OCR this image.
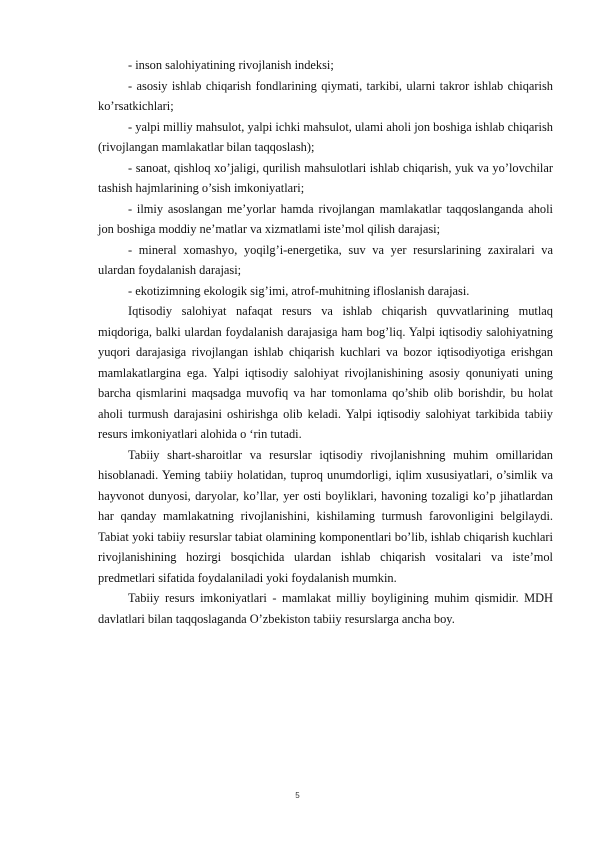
- inson salohiyatining rivojlanish indeksi;

- asosiy ishlab chiqarish fondlarining qiymati, tarkibi, ularni takror ishlab chiqarish ko’rsatkichlari;

- yalpi milliy mahsulot, yalpi ichki mahsulot, ulami aholi jon boshiga ishlab chiqarish (rivojlangan mamlakatlar bilan taqqoslash);

- sanoat, qishloq xo’jaligi, qurilish mahsulotlari ishlab chiqarish, yuk va yo’lovchilar tashish hajmlarining o’sish imkoniyatlari;

- ilmiy asoslangan me’yorlar hamda rivojlangan mamlakatlar taqqoslanganda aholi jon boshiga moddiy ne’matlar va xizmatlami iste’mol qilish darajasi;

- mineral xomashyo, yoqilg’i-energetika, suv va yer resurslarining zaxiralari va ulardan foydalanish darajasi;

- ekotizimning ekologik sig’imi, atrof-muhitning ifloslanish darajasi.

Iqtisodiy salohiyat nafaqat resurs va ishlab chiqarish quvvatlarining mutlaq miqdoriga, balki ulardan foydalanish darajasiga ham bog’liq. Yalpi iqtisodiy salohiyatning yuqori darajasiga rivojlangan ishlab chiqarish kuchlari va bozor iqtisodiyotiga erishgan mamlakatlargina ega. Yalpi iqtisodiy salohiyat rivojlanishining asosiy qonuniyati uning barcha qismlarini maqsadga muvofiq va har tomonlama qo’shib olib borishdir, bu holat aholi turmush darajasini oshirishga olib keladi. Yalpi iqtisodiy salohiyat tarkibida tabiiy resurs imkoniyatlari alohida o ‘rin tutadi.

Tabiiy shart-sharoitlar va resurslar iqtisodiy rivojlanishning muhim omillaridan hisoblanadi. Yeming tabiiy holatidan, tuproq unumdorligi, iqlim xususiyatlari, o’simlik va hayvonot dunyosi, daryolar, ko’llar, yer osti boyliklari, havoning tozaligi ko’p jihatlardan har qanday mamlakatning rivojlanishini, kishilaming turmush farovonligini belgilaydi. Tabiat yoki tabiiy resurslar tabiat olamining komponentlari bo’lib, ishlab chiqarish kuchlari rivojlanishining hozirgi bosqichida ulardan ishlab chiqarish vositalari va iste’mol predmetlari sifatida foydalaniladi yoki foydalanish mumkin.

Tabiiy resurs imkoniyatlari - mamlakat milliy boyligining muhim qismidir. MDH davlatlari bilan taqqoslaganda O’zbekiston tabiiy resurslarga ancha boy.

5
